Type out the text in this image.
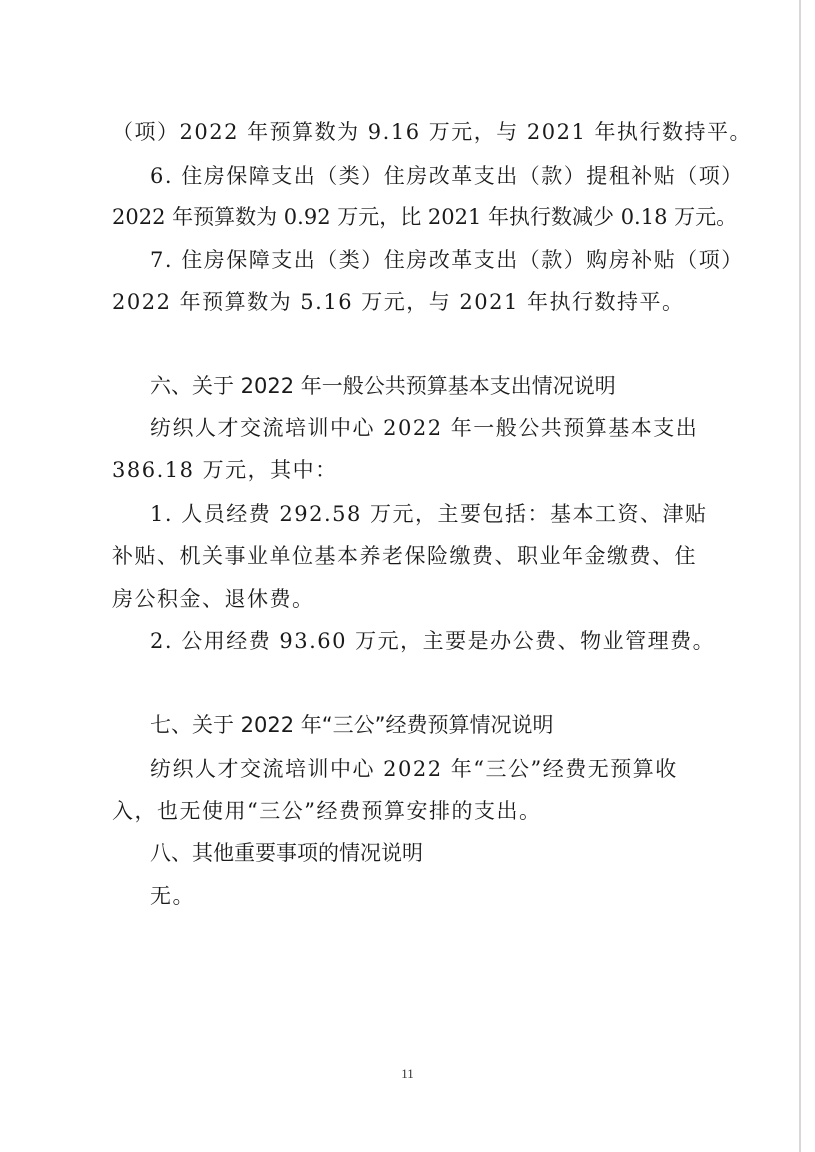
（项）2022 年预算数为 9.16 万元，与 2021 年执行数持平。
6. 住房保障支出（类）住房改革支出（款）提租补贴（项）
2022 年预算数为 0.92 万元，比 2021 年执行数减少 0.18 万元。
7. 住房保障支出（类）住房改革支出（款）购房补贴（项）
2022 年预算数为 5.16 万元，与 2021 年执行数持平。
六、关于 2022 年一般公共预算基本支出情况说明
纺织人才交流培训中心 2022 年一般公共预算基本支出
386.18 万元，其中：
1. 人员经费 292.58 万元，主要包括：基本工资、津贴
补贴、机关事业单位基本养老保险缴费、职业年金缴费、住
房公积金、退休费。
2. 公用经费 93.60 万元，主要是办公费、物业管理费。
七、关于 2022 年“三公”经费预算情况说明
纺织人才交流培训中心 2022 年“三公”经费无预算收
入，也无使用“三公”经费预算安排的支出。
八、其他重要事项的情况说明
无。
11
